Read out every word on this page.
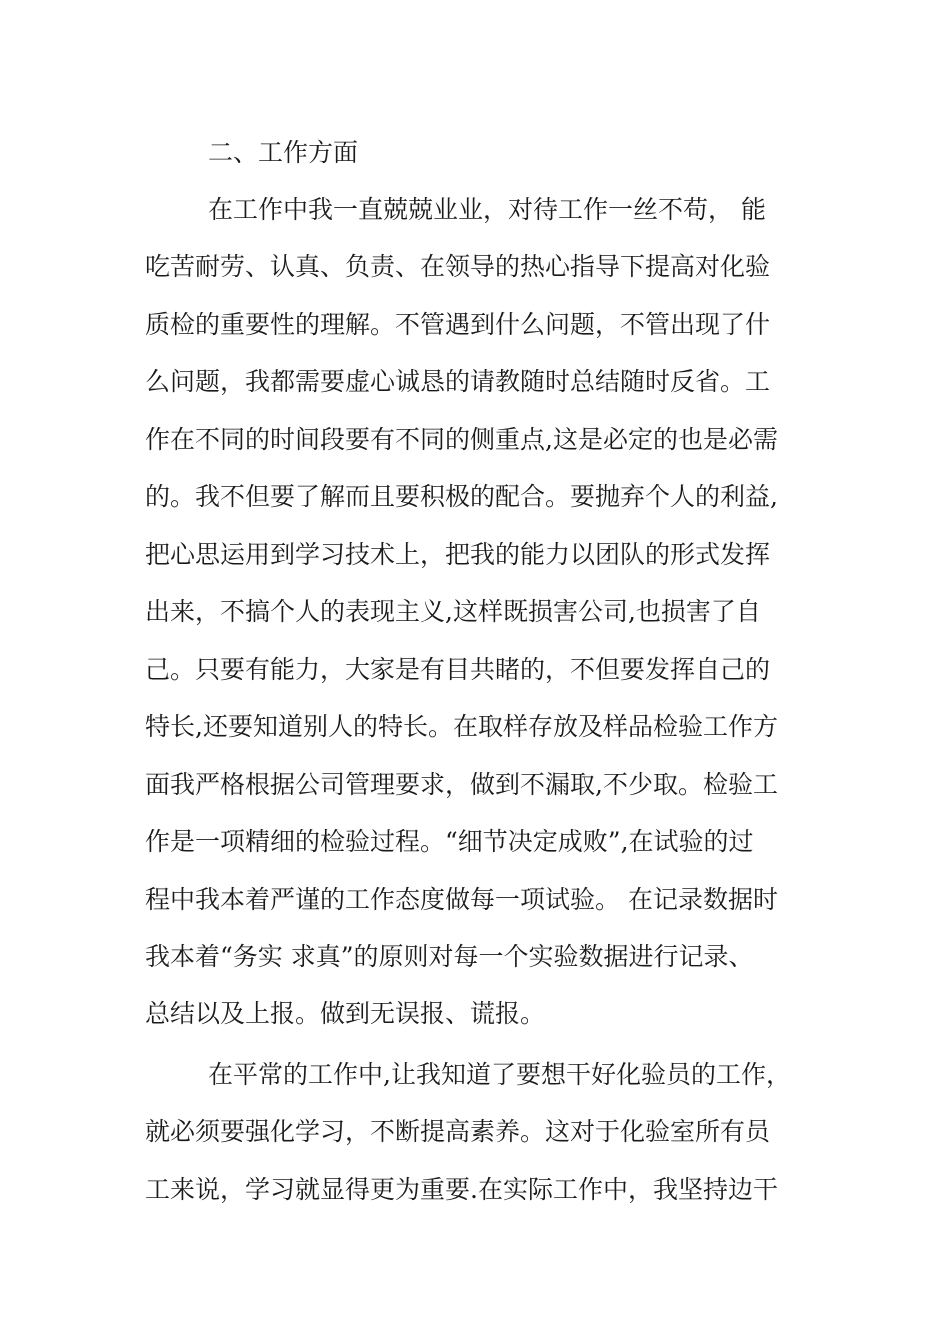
二、工作方面

在工作中我一直兢兢业业，对待工作一丝不苟， 能

吃苦耐劳、认真、负责、在领导的热心指导下提高对化验

质检的重要性的理解。不管遇到什么问题，不管出现了什

么问题，我都需要虚心诚恳的请教随时总结随时反省。工

作在不同的时间段要有不同的侧重点,这是必定的也是必需

的。我不但要了解而且要积极的配合。要抛弃个人的利益,

把心思运用到学习技术上，把我的能力以团队的形式发挥

出来，不搞个人的表现主义,这样既损害公司,也损害了自

己。只要有能力，大家是有目共睹的，不但要发挥自己的

特长,还要知道别人的特长。在取样存放及样品检验工作方

面我严格根据公司管理要求，做到不漏取,不少取。检验工

作是一项精细的检验过程。“细节决定成败”,在试验的过

程中我本着严谨的工作态度做每一项试验。 在记录数据时

我本着“务实 求真”的原则对每一个实验数据进行记录、

总结以及上报。做到无误报、谎报。

在平常的工作中,让我知道了要想干好化验员的工作，

就必须要强化学习，不断提高素养。这对于化验室所有员

工来说，学习就显得更为重要.在实际工作中，我坚持边干
